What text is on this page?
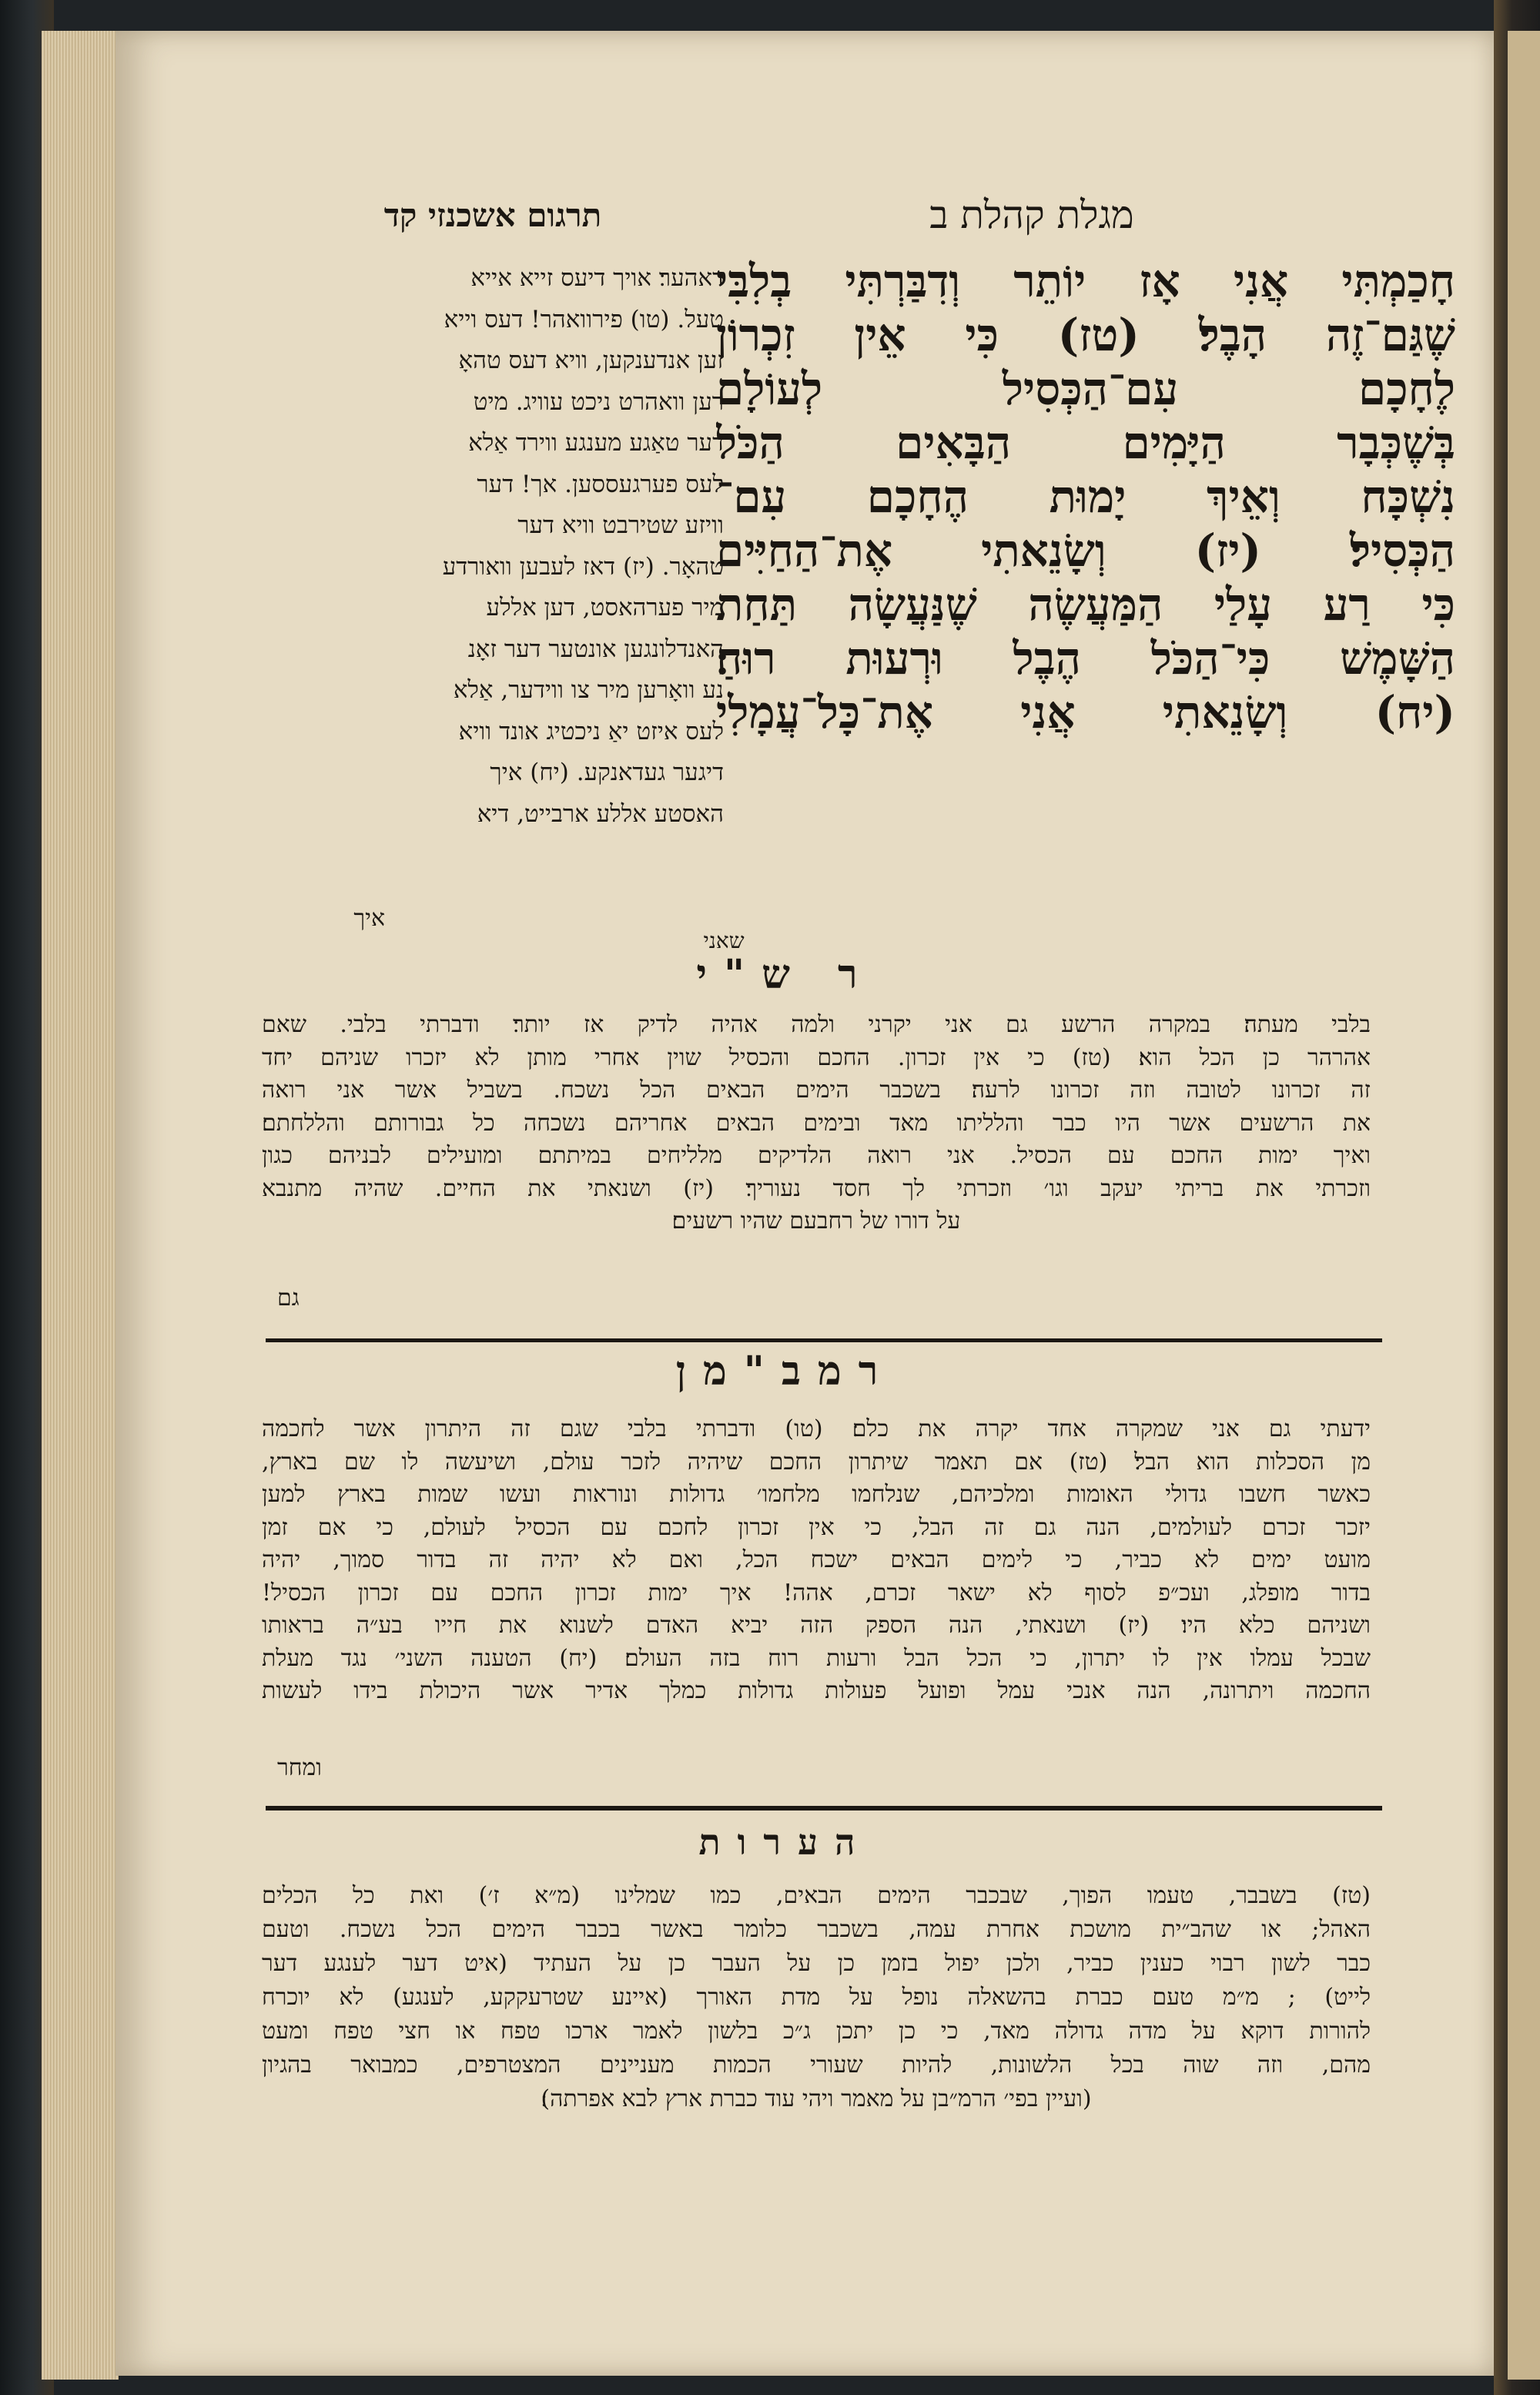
תרגום אשכנזי קד	מגלת קהלת ב
חָכַמְתִּי אֲנִי אָז יוֹתֵר וְדִבַּרְתִּי בְלִבִּי
שֶׁגַּם־זֶה הָבֶל׃ (טז) כִּי אֵין זִכְרוֹן
לֶחָכָם עִם־הַכְּסִיל לְעוֹלָם
בְּשֶׁכְּבָר הַיָּמִים הַבָּאִים הַכֹּל
נִשְׁכָּח וְאֵיךְ יָמוּת הֶחָכָם עִם־
הַכְּסִיל׃ (יז) וְשָׂנֵאתִי אֶת־הַחַיִּים
כִּי רַע עָלַי הַמַּעֲשֶׂה שֶׁנַּעֲשָׂה תַּחַת
הַשָּׁמֶשׁ כִּי־הַכֹּל הֶבֶל וּרְעוּת רוּחַ׃
(יח) וְשָׂנֵאתִי אֲנִי אֶת־כָּל־עֲמָלִי
שאני
דאהער׃ אויך דיעס זייא אייא
טעל. (טו) פירוואהר! דעס וייא
זען אנדענקען, וויא דעס טהאָ
רען וואהרט ניכט עוויג. מיט
דער טאַגע מענגע ווירד אַלא
לעס פערגעססען. אך! דער
וויזע שטירבט וויא דער
טהאָר. (יז) דאז לעבען וואורדע
מיר פערהאסט, דען אללע
האנדלונגען אונטער דער זאָנ
נע וואָרען מיר צו ווידער, אַלא
לעס איזט יאַ ניכטיג אונד וויא
דיגער געדאנקע. (יח) איך
האסטע אללע ארבייט, דיא
איך
ר ש"י
בלבי מעתה׃ במקרה הרשע גם אני יקרני ולמה אהיה לדיק אז יותר׃ ודברתי בלבי. שאם
אהרהר כן הכל הוא׃ (טז) כי אין זכרון. החכם והכסיל שוין אחרי מותן לא יזכרו שניהם יחד
זה זכרונו לטובה וזה זכרונו לרעה׃ בשכבר הימים הבאים הכל נשכח. בשביל אשר אני רואה
את הרשעים אשר היו כבר והלליתו מאד ובימים הבאים אחריהם נשכחה כל גבורותם והללחתם׃
ואיך ימות החכם עם הכסיל. אני רואה הלדיקים מלליחים במיתתם ומועילים לבניהם כגון
וזכרתי את בריתי יעקב וגו׳ וזכרתי לך חסד נעוריך׃ (יז) ושנאתי את החיים. שהיה מתנבא
על דורו של רחבעם שהיו רשעים׃
גם
רמב"מן
ידעתי גם אני שמקרה אחד יקרה את כלם׃ (טו) ודברתי בלבי שגם זה היתרון אשר לחכמה
מן הסכלות הוא הבל׃ (טז) אם תאמר שיתרון החכם שיהיה לזכר עולם, ושיעשה לו שם בארץ,
כאשר חשבו גדולי האומות ומלכיהם, שנלחמו מלחמו׳ גדולות ונוראות ועשו שמות בארץ למען
יזכר זכרם לעולמים, הנה גם זה הבל, כי אין זכרון לחכם עם הכסיל לעולם, כי אם זמן
מועט ימים לא כביר, כי לימים הבאים ישכח הכל, ואם לא יהיה זה בדור סמוך, יהיה
בדור מופלג, ועכ״פ לסוף לא ישאר זכרם, אהה! איך ימות זכרון החכם עם זכרון הכסיל!
ושניהם כלא היו׃ (יז) ושנאתי, הנה הספק הזה יביא האדם לשנוא את חייו בע״ה בראותו
שבכל עמלו אין לו יתרון, כי הכל הבל ורעות רוח בזה העולם׃ (יח) הטענה השני׳ נגד מעלת
החכמה ויתרונה, הנה אנכי עמל ופועל פעולות גדולות כמלך אדיר אשר היכולת בידו לעשות
ומחר
הערות
(טז) בשבבר, טעמו הפוך, שבכבר הימים הבאים, כמו שמלינו (מ״א ז׳) ואת כל הכלים
האהל; או שהב״ית מושכת אחרת עמה, בשכבר כלומר באשר בכבר הימים הכל נשכח. וטעם
כבר לשון רבוי כענין כביר, ולכן יפול בזמן כן על העבר כן על העתיד (איט דער לענגע דער
לייט) ; מ״מ טעם כברת בהשאלה נופל על מדת האורך (איינע שטרעקקע, לענגע) לא יוכרח
להורות דוקא על מדה גדולה מאד, כי כן יתכן ג״כ בלשון לאמר ארכו טפח או חצי טפח ומעט
מהם, וזה שוה בכל הלשונות, להיות שעורי הכמות מעניינים המצטרפים, כמבואר בהגיון
(ועיין בפי׳ הרמ״בן על מאמר ויהי עוד כברת ארץ לבא אפרתה)׃
